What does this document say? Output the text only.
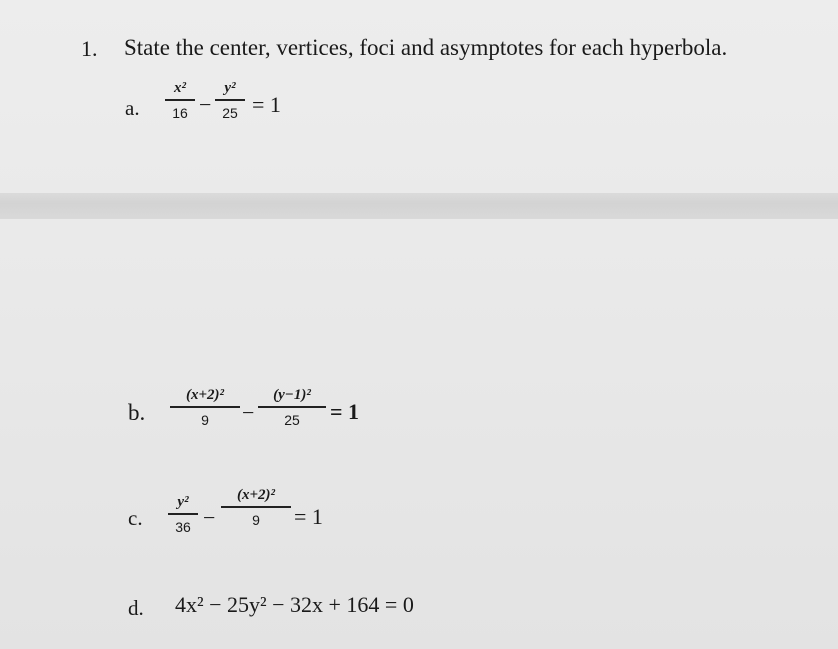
1. State the center, vertices, foci and asymptotes for each hyperbola.
a.
x²
16 −
y²
25 = 1
b.
(x+2)²
9 −
(y−1)²
25 = 1
c.
y²
36 −
(x+2)²
9 = 1
d. 4x² − 25y² − 32x + 164 = 0
